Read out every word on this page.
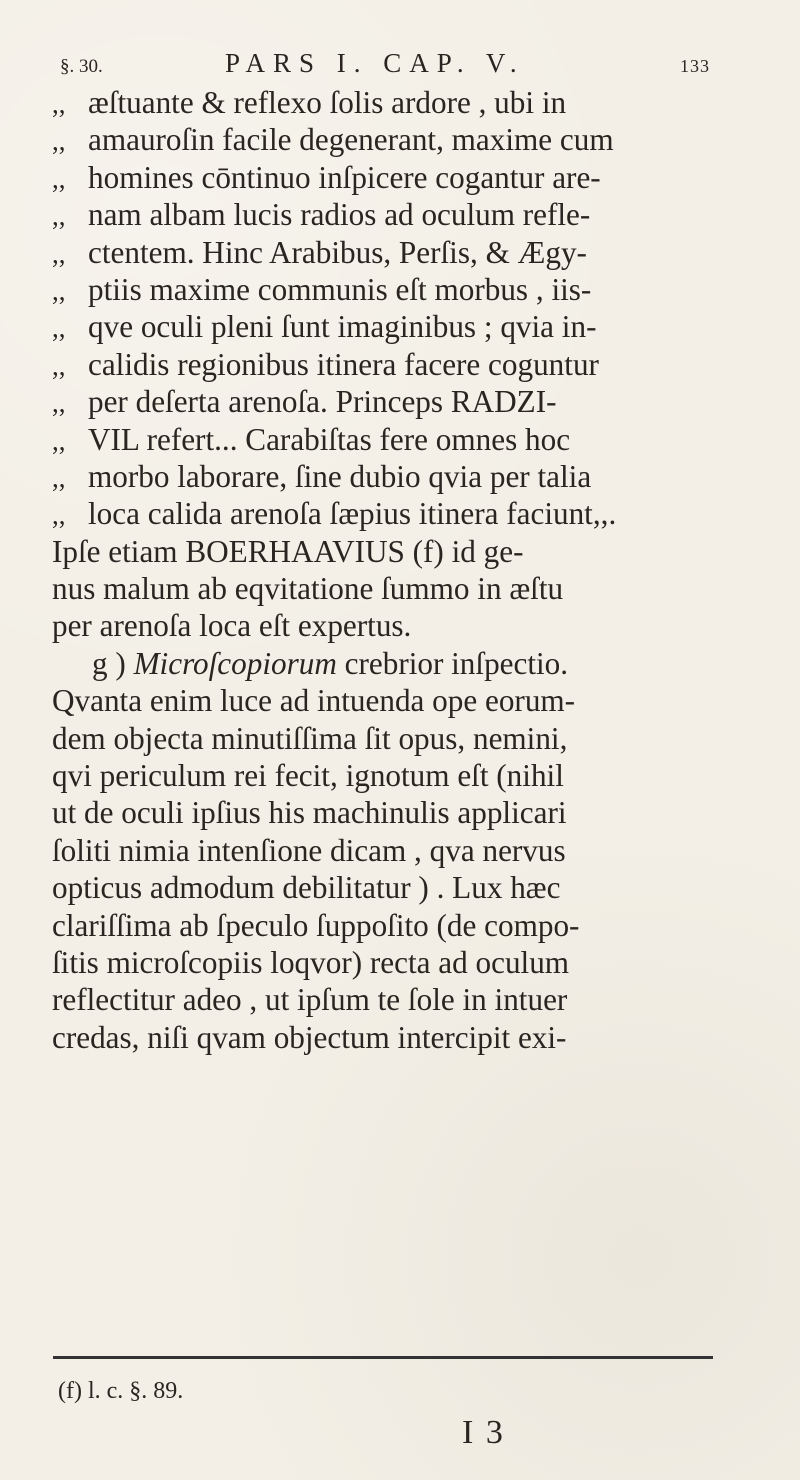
§. 30.	PARS I. CAP. V.	133
,, æſtuante & reflexo ſolis ardore , ubi in
,, amauroſin facile degenerant, maxime cum
,, homines cōntinuo inſpicere cogantur are-
,, nam albam lucis radios ad oculum refle-
,, ctentem. Hinc Arabibus, Perſis, & Ægy-
,, ptiis maxime communis eſt morbus , iis-
,, qve oculi pleni ſunt imaginibus ; qvia in-
,, calidis regionibus itinera facere coguntur
,, per deſerta arenoſa. Princeps RADZI-
,, VIL refert... Carabiſtas fere omnes hoc
,, morbo laborare, ſine dubio qvia per talia
,, loca calida arenoſa ſæpius itinera faciunt,,.
Ipſe etiam BOERHAAVIUS (f) id ge-
nus malum ab eqvitatione ſummo in æſtu
per arenoſa loca eſt expertus.
g ) Microſcopiorum crebrior inſpectio.
Qvanta enim luce ad intuenda ope eorum-
dem objecta minutiſſima ſit opus, nemini,
qvi periculum rei fecit, ignotum eſt (nihil
ut de oculi ipſius his machinulis applicari
ſoliti nimia intenſione dicam , qva nervus
opticus admodum debilitatur ) . Lux hæc
clariſſima ab ſpeculo ſuppoſito (de compo-
ſitis microſcopiis loqvor) recta ad oculum
reflectitur adeo , ut ipſum te ſole in intuer
credas, niſi qvam objectum intercipit exi-
(f) l. c. §. 89.
I 3
